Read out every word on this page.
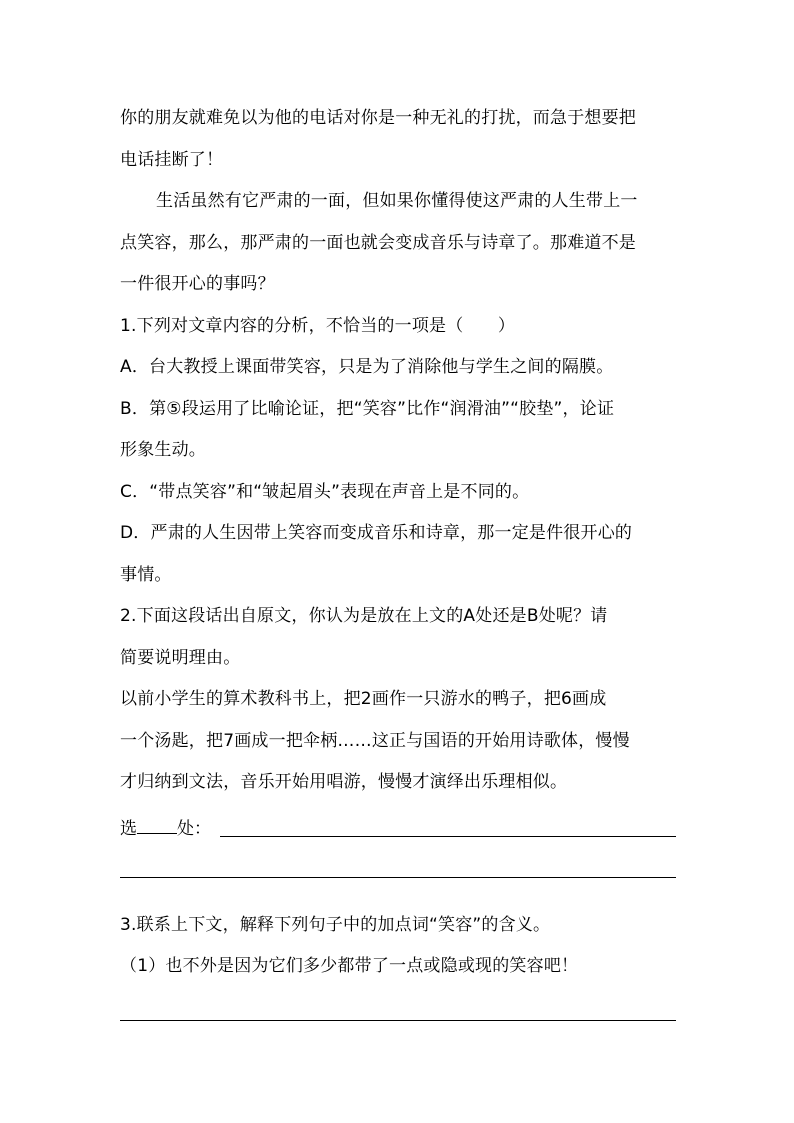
你的朋友就难免以为他的电话对你是一种无礼的打扰，而急于想要把
电话挂断了！
生活虽然有它严肃的一面，但如果你懂得使这严肃的人生带上一
点笑容，那么，那严肃的一面也就会变成音乐与诗章了。那难道不是
一件很开心的事吗？
1.下列对文章内容的分析，不恰当的一项是（　　）
A．台大教授上课面带笑容，只是为了消除他与学生之间的隔膜。
B．第⑤段运用了比喻论证，把“笑容”比作“润滑油”“胶垫”，论证
形象生动。
C．“带点笑容”和“皱起眉头”表现在声音上是不同的。
D．严肃的人生因带上笑容而变成音乐和诗章，那一定是件很开心的
事情。
2.下面这段话出自原文，你认为是放在上文的A处还是B处呢？请
简要说明理由。
以前小学生的算术教科书上，把2画作一只游水的鸭子，把6画成
一个汤匙，把7画成一把伞柄……这正与国语的开始用诗歌体，慢慢
才归纳到文法，音乐开始用唱游，慢慢才演绎出乐理相似。
选 处：
3.联系上下文，解释下列句子中的加点词“笑容”的含义。
（1）也不外是因为它们多少都带了一点或隐或现的笑容吧！
